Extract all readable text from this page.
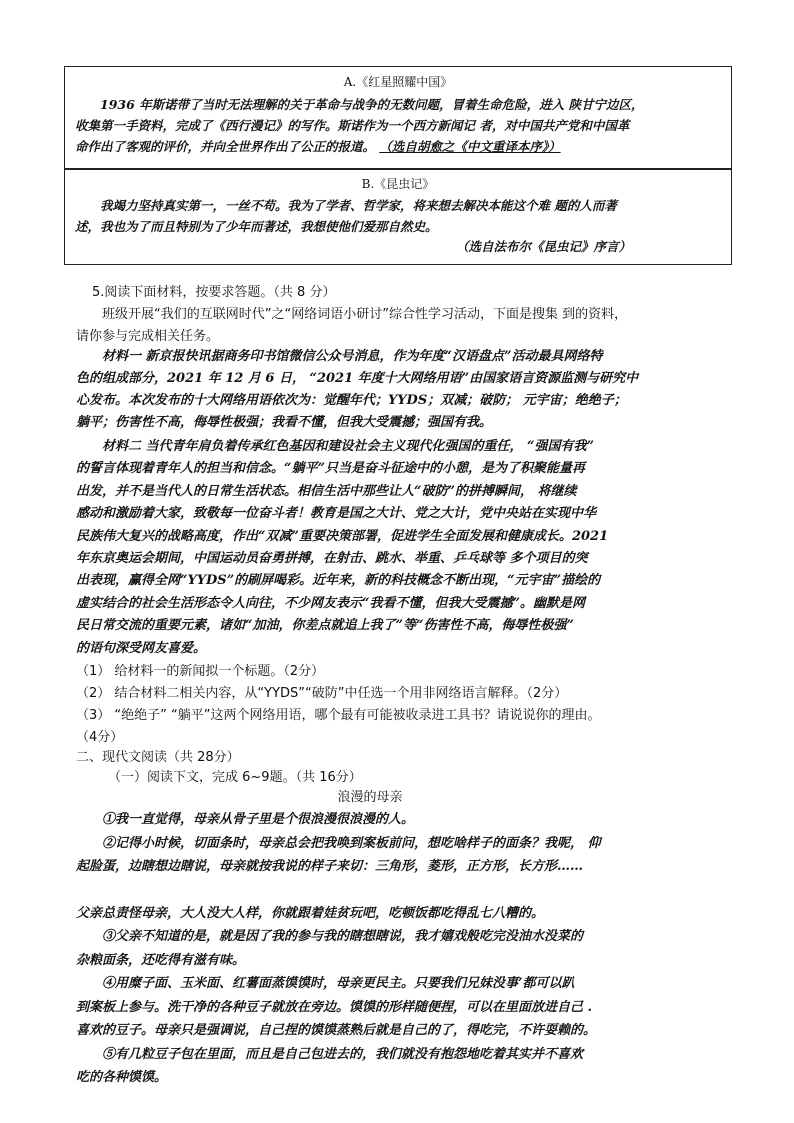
A.《红星照耀中国》

1936 年斯诺带了当时无法理解的关于革命与战争的无数问题，冒着生命危险，进入 陕甘宁边区，

收集第一手资料，完成了《西行漫记》的写作。斯诺作为一个西方新闻记 者，对中国共产党和中国革

命作出了客观的评价，并向全世界作出了公正的报道。 （选自胡愈之《中文重译本序》）

B.《昆虫记》

我竭力坚持真实第一，一丝不苟。我为了学者、哲学家，将来想去解决本能这个难 题的人而著

述，我也为了而且特别为了少年而著述，我想使他们爱那自然史。

（选自法布尔《昆虫记》序言）

5.阅读下面材料，按要求答题。（共 8 分）

班级开展“我们的互联网时代”之“网络词语小研讨”综合性学习活动，下面是搜集 到的资料，

请你参与完成相关任务。

材料一 新京报快讯据商务印书馆微信公众号消息，作为年度“汉语盘点”活动最具网络特

色的组成部分，2021 年 12 月 6 日， “2021 年度十大网络用语”由国家语言资源监测与研究中

心发布。本次发布的十大网络用语依次为：觉醒年代；YYDS；双减；破防； 元宇宙；绝绝子；

躺平；伤害性不高，侮辱性极强；我看不懂，但我大受震撼；强国有我。

材料二 当代青年肩负着传承红色基因和建设社会主义现代化强国的重任， “强国有我”

的誓言体现着青年人的担当和信念。“躺平”只当是奋斗征途中的小憩，是为了积聚能量再

出发，并不是当代人的日常生活状态。相信生活中那些让人“破防”的拼搏瞬间， 将继续

感动和激励着大家，致敬每一位奋斗者！教育是国之大计、党之大计，党中央站在实现中华

民族伟大复兴的战略高度，作出“双减”重要决策部署，促进学生全面发展和健康成长。2021

年东京奥运会期间，中国运动员奋勇拼搏，在射击、跳水、举重、乒乓球等 多个项目的突

出表现，赢得全网“YYDS”的刷屏喝彩。近年来，新的科技概念不断出现，“元宇宙”描绘的

虚实结合的社会生活形态令人向往，不少网友表示“我看不懂，但我大受震撼”。幽默是网

民日常交流的重要元素，诸如“加油，你差点就追上我了”等“伤害性不高，侮辱性极强”

的语句深受网友喜爱。

（1） 给材料一的新闻拟一个标题。（2分）

（2） 结合材料二相关内容，从“YYDS”“破防”中任选一个用非网络语言解释。（2分）

（3） “绝绝子” “躺平”这两个网络用语，哪个最有可能被收录进工具书？请说说你的理由。

（4分）

二、现代文阅读（共 28分）

（一）阅读下文，完成 6~9题。（共 16分）

浪漫的母亲

①我一直觉得，母亲从骨子里是个很浪漫很浪漫的人。

②记得小时候，切面条时，母亲总会把我唤到案板前问，想吃啥样子的面条？我呢， 仰

起脸蛋，边瞎想边瞎说，母亲就按我说的样子来切：三角形，菱形，正方形，长方形……

父亲总责怪母亲，大人没大人样，你就跟着娃贫玩吧，吃顿饭都吃得乱七八糟的。

③父亲不知道的是，就是因了我的参与我的瞎想瞎说，我才嬉戏般吃完没油水没菜的

杂粮面条，还吃得有滋有味。

④用糜子面、玉米面、红薯面蒸馍馍时，母亲更民主。只要我们兄妹没事’都可以趴

到案板上参与。洗干净的各种豆子就放在旁边。馍馍的形样随便捏，可以在里面放进自己 .

喜欢的豆子。母亲只是强调说，自己捏的馍馍蒸熟后就是自己的了，得吃完，不许耍赖的。

⑤有几粒豆子包在里面，而且是自己包进去的，我们就没有抱怨地吃着其实并不喜欢

吃的各种馍馍。
